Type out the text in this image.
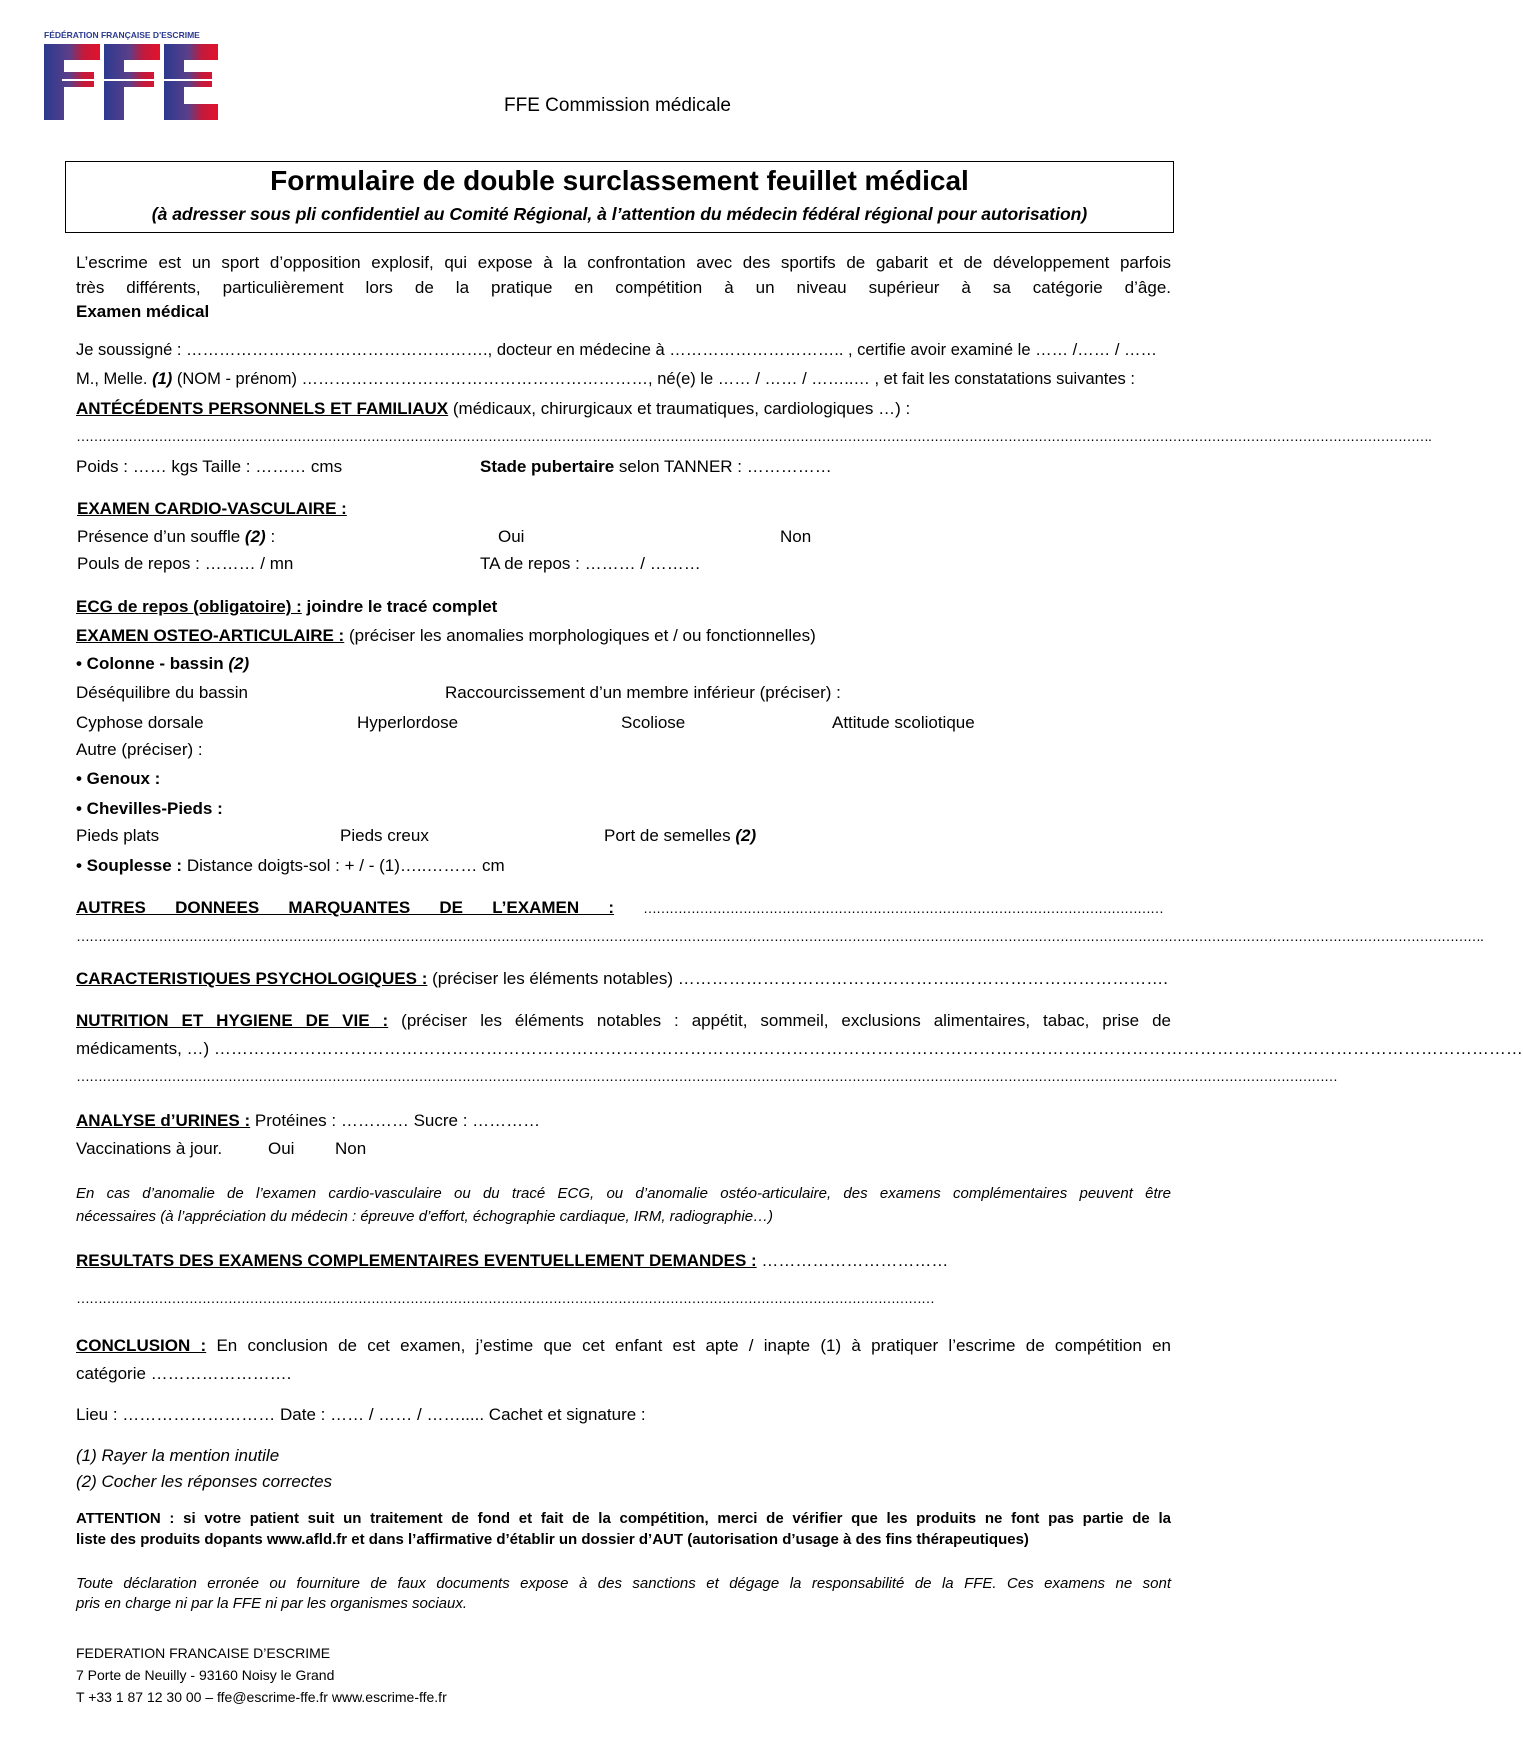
FÉDÉRATION FRANÇAISE D'ESCRIME
FFE Commission médicale
Formulaire de double surclassement feuillet médical
(à adresser sous pli confidentiel au Comité Régional, à l’attention du médecin fédéral régional pour autorisation)
L’escrime est un sport d’opposition explosif, qui expose à la confrontation avec des sportifs de gabarit et de développement parfois
très différents, particulièrement lors de la pratique en compétition à un niveau supérieur à sa catégorie d’âge.
Examen médical
Je soussigné : ………………………………………………., docteur en médecine à ………………………….. , certifie avoir examiné le …… /…… / ……
M., Melle. (1) (NOM - prénom) ………………………………………………………, né(e) le …… / …… / ……..… , et fait les constatations suivantes :
ANTÉCÉDENTS PERSONNELS ET FAMILIAUX (médicaux, chirurgicaux et traumatiques, cardiologiques …) :
…………………………………………………………………………………………………………………………………………………………………………………………………………………………………………………………………………………….
Poids : …… kgs Taille : ……… cms	Stade pubertaire selon TANNER : ……………
EXAMEN CARDIO-VASCULAIRE :
Présence d’un souffle (2) :	Oui	Non
Pouls de repos : ……… / mn	TA de repos : ……… / ………
ECG de repos (obligatoire) : joindre le tracé complet
EXAMEN OSTEO-ARTICULAIRE : (préciser les anomalies morphologiques et / ou fonctionnelles)
• Colonne - bassin (2)
Déséquilibre du bassin	Raccourcissement d’un membre inférieur (préciser) :
Cyphose dorsale	Hyperlordose	Scoliose	Attitude scoliotique
Autre (préciser) :
• Genoux :
• Chevilles-Pieds :
Pieds plats	Pieds creux	Port de semelles (2)
• Souplesse : Distance doigts-sol : + / - (1)…..……… cm
AUTRES DONNEES MARQUANTES DE L’EXAMEN : …………………………………………………………………………………………………………
……………………………………………………………………………………………………………………………………………………………………………………………………………………………………………………………………………………………….
CARACTERISTIQUES PSYCHOLOGIQUES : (préciser les éléments notables) …………………………………………..……………………………….
NUTRITION ET HYGIENE DE VIE : (préciser les éléments notables : appétit, sommeil, exclusions alimentaires, tabac, prise de
médicaments, …) ……………………………………………………………………………………………………………………………………………………………………………………………………………
…………………………………………………………………………………………………………………………………………………………………………………………………………………………………………………………………
ANALYSE d’URINES : Protéines : ………… Sucre : …………
Vaccinations à jour.	Oui Non
En cas d’anomalie de l’examen cardio-vasculaire ou du tracé ECG, ou d’anomalie ostéo-articulaire, des examens complémentaires peuvent être
nécessaires (à l’appréciation du médecin : épreuve d’effort, échographie cardiaque, IRM, radiographie…)
RESULTATS DES EXAMENS COMPLEMENTAIRES EVENTUELLEMENT DEMANDES : ……………………………
………………………………………………………………………………………………………………………………………………………………………………
CONCLUSION : En conclusion de cet examen, j’estime que cet enfant est apte / inapte (1) à pratiquer l’escrime de compétition en
catégorie …………………….
Lieu : ……………………… Date : …… / …… / ……..... Cachet et signature :
(1) Rayer la mention inutile
(2) Cocher les réponses correctes
ATTENTION : si votre patient suit un traitement de fond et fait de la compétition, merci de vérifier que les produits ne font pas partie de la
liste des produits dopants www.afld.fr et dans l’affirmative d’établir un dossier d’AUT (autorisation d’usage à des fins thérapeutiques)
Toute déclaration erronée ou fourniture de faux documents expose à des sanctions et dégage la responsabilité de la FFE. Ces examens ne sont
pris en charge ni par la FFE ni par les organismes sociaux.
FEDERATION FRANCAISE D’ESCRIME
7 Porte de Neuilly - 93160 Noisy le Grand
T +33 1 87 12 30 00 – ffe@escrime-ffe.fr www.escrime-ffe.fr
